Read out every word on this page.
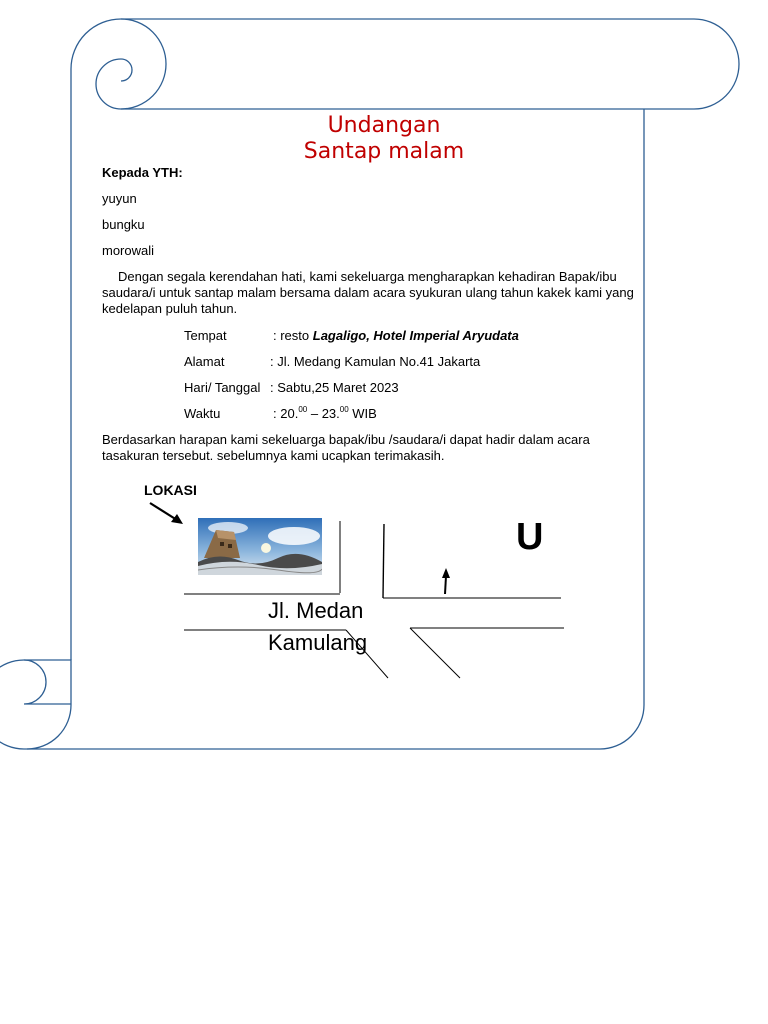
Undangan
Santap malam
Kepada YTH:
yuyun
bungku
morowali
Dengan segala kerendahan hati, kami sekeluarga mengharapkan kehadiran Bapak/ibu saudara/i untuk santap malam bersama dalam acara syukuran ulang tahun kakek kami yang kedelapan puluh tahun.
Tempat	: resto Lagaligo, Hotel Imperial Aryudata
Alamat	: Jl. Medang Kamulan No.41 Jakarta
Hari/ Tanggal : Sabtu,25 Maret 2023
Waktu	: 20.00 – 23.00 WIB
Berdasarkan harapan kami sekeluarga bapak/ibu /saudara/i dapat hadir dalam acara tasakuran tersebut. sebelumnya kami ucapkan terimakasih.
LOKASI
U
Jl. Medan
Kamulang
